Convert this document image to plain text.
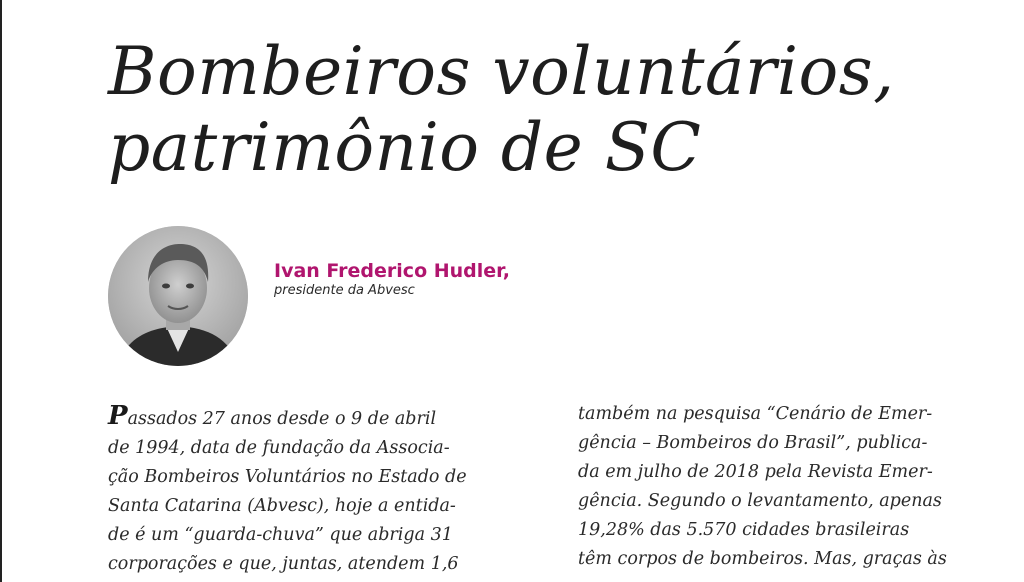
Bombeiros voluntários,
patrimônio de SC
Ivan Frederico Hudler,
presidente da Abvesc
Passados 27 anos desde o 9 de abril
de 1994, data de fundação da Associa-
ção Bombeiros Voluntários no Estado de
Santa Catarina (Abvesc), hoje a entida-
de é um “guarda-chuva” que abriga 31
corporações e que, juntas, atendem 1,6
também na pesquisa “Cenário de Emer-
gência – Bombeiros do Brasil”, publica-
da em julho de 2018 pela Revista Emer-
gência. Segundo o levantamento, apenas
19,28% das 5.570 cidades brasileiras
têm corpos de bombeiros. Mas, graças às
